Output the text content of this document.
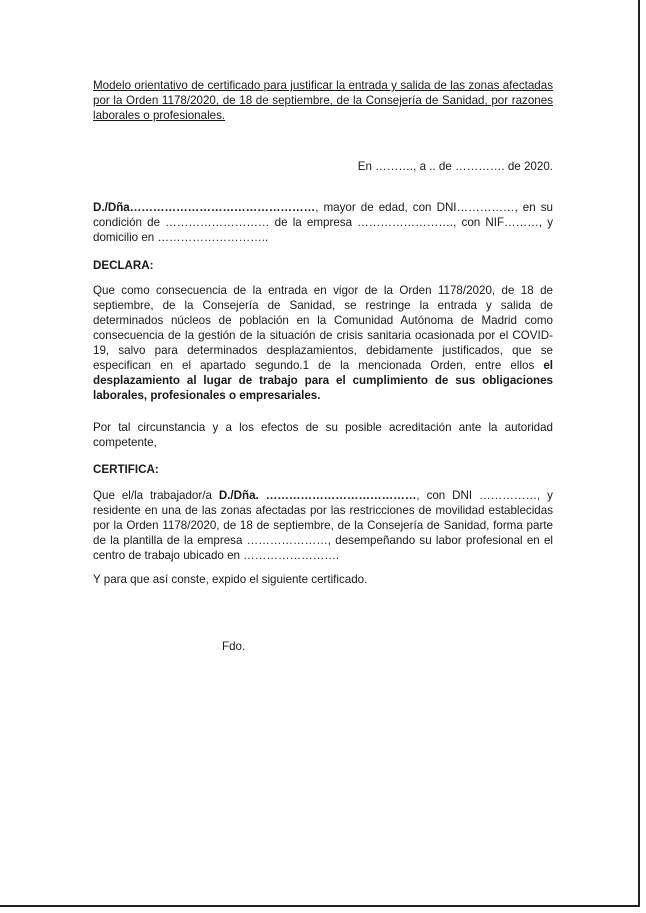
Modelo orientativo de certificado para justificar la entrada y salida de las zonas afectadas por la Orden 1178/2020, de 18 de septiembre, de la Consejería de Sanidad, por razones laborales o profesionales.
En ………., a .. de …………. de 2020.
D./Dña…………………………………………, mayor de edad, con DNI……………, en su condición de ……………………… de la empresa ……………………., con NIF………, y domicilio en ………………………..
DECLARA:
Que como consecuencia de la entrada en vigor de la Orden 1178/2020, de 18 de septiembre, de la Consejería de Sanidad, se restringe la entrada y salida de determinados núcleos de población en la Comunidad Autónoma de Madrid como consecuencia de la gestión de la situación de crisis sanitaria ocasionada por el COVID-19, salvo para determinados desplazamientos, debidamente justificados, que se especifican en el apartado segundo.1 de la mencionada Orden, entre ellos el desplazamiento al lugar de trabajo para el cumplimiento de sus obligaciones laborales, profesionales o empresariales.
Por tal circunstancia y a los efectos de su posible acreditación ante la autoridad competente,
CERTIFICA:
Que el/la trabajador/a D./Dña. …………………………………, con DNI ……………, y residente en una de las zonas afectadas por las restricciones de movilidad establecidas por la Orden 1178/2020, de 18 de septiembre, de la Consejería de Sanidad, forma parte de la plantilla de la empresa …………………, desempeñando su labor profesional en el centro de trabajo ubicado en …………………….
Y para que así conste, expido el siguiente certificado.
Fdo.
